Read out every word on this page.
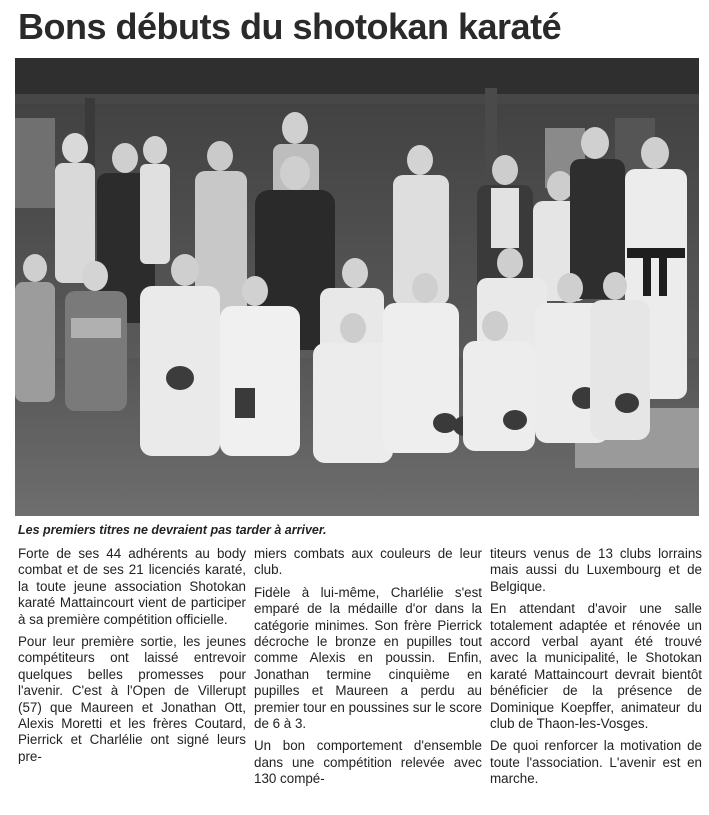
Bons débuts du shotokan karaté

Les premiers titres ne devraient pas tarder à arriver.

Forte de ses 44 adhérents au body combat et de ses 21 licenciés karaté, la toute jeune association Shotokan karaté Mattaincourt vient de participer à sa première compétition officielle.

Pour leur première sortie, les jeunes compétiteurs ont laissé entrevoir quelques belles promesses pour l'avenir. C'est à l'Open de Villerupt (57) que Maureen et Jonathan Ott, Alexis Moretti et les frères Coutard, Pierrick et Charlélie ont signé leurs pre-

miers combats aux couleurs de leur club.

Fidèle à lui-même, Charlélie s'est emparé de la médaille d'or dans la catégorie minimes. Son frère Pierrick décroche le bronze en pupilles tout comme Alexis en poussin. Enfin, Jonathan termine cinquième en pupilles et Maureen a perdu au premier tour en poussines sur le score de 6 à 3.

Un bon comportement d'ensemble dans une compétition relevée avec 130 compé-

titeurs venus de 13 clubs lorrains mais aussi du Luxembourg et de Belgique.

En attendant d'avoir une salle totalement adaptée et rénovée un accord verbal ayant été trouvé avec la municipalité, le Shotokan karaté Mattaincourt devrait bientôt bénéficier de la présence de Dominique Koepffer, animateur du club de Thaon-les-Vosges.

De quoi renforcer la motivation de toute l'association. L'avenir est en marche.
